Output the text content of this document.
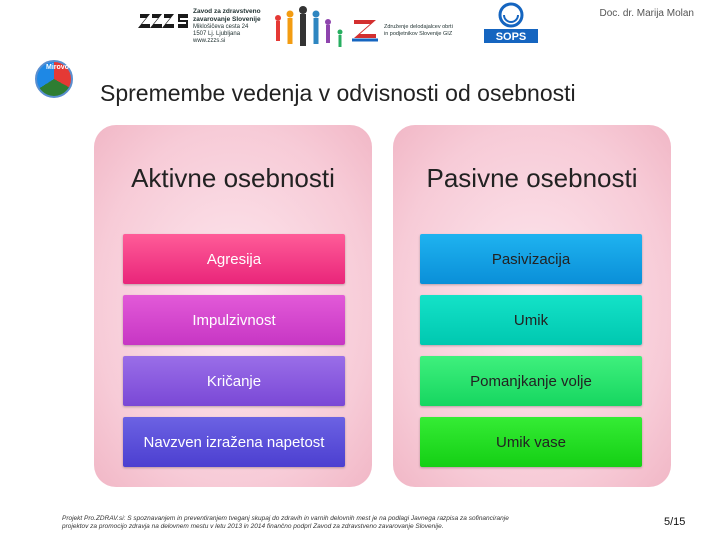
Mirovo
Zavod za zdravstveno
zavarovanje Slovenije
Miklošičeva cesta 24
1507 Lj. Ljubljana
www.zzzs.si
Združenje delodajalcev obrti
in podjetnikov Slovenije GIZ	SOPS
Doc. dr. Marija Molan
Spremembe vedenja v odvisnosti od osebnosti
Aktivne osebnosti	Pasivne osebnosti
Agresija
Impulzivnost
Kričanje
Navzven izražena napetost
Pasivizacija
Umik
Pomanjkanje volje
Umik vase
Projekt Pro.ZDRAV.si: S spoznavanjem in preventiranjem tveganj skupaj do zdravih in varnih delovnih mest je na podlagi Javnega razpisa za sofinanciranje
projektov za promocijo zdravja na delovnem mestu v letu 2013 in 2014 finančno podprl Zavod za zdravstveno zavarovanje Slovenije.	5/15
